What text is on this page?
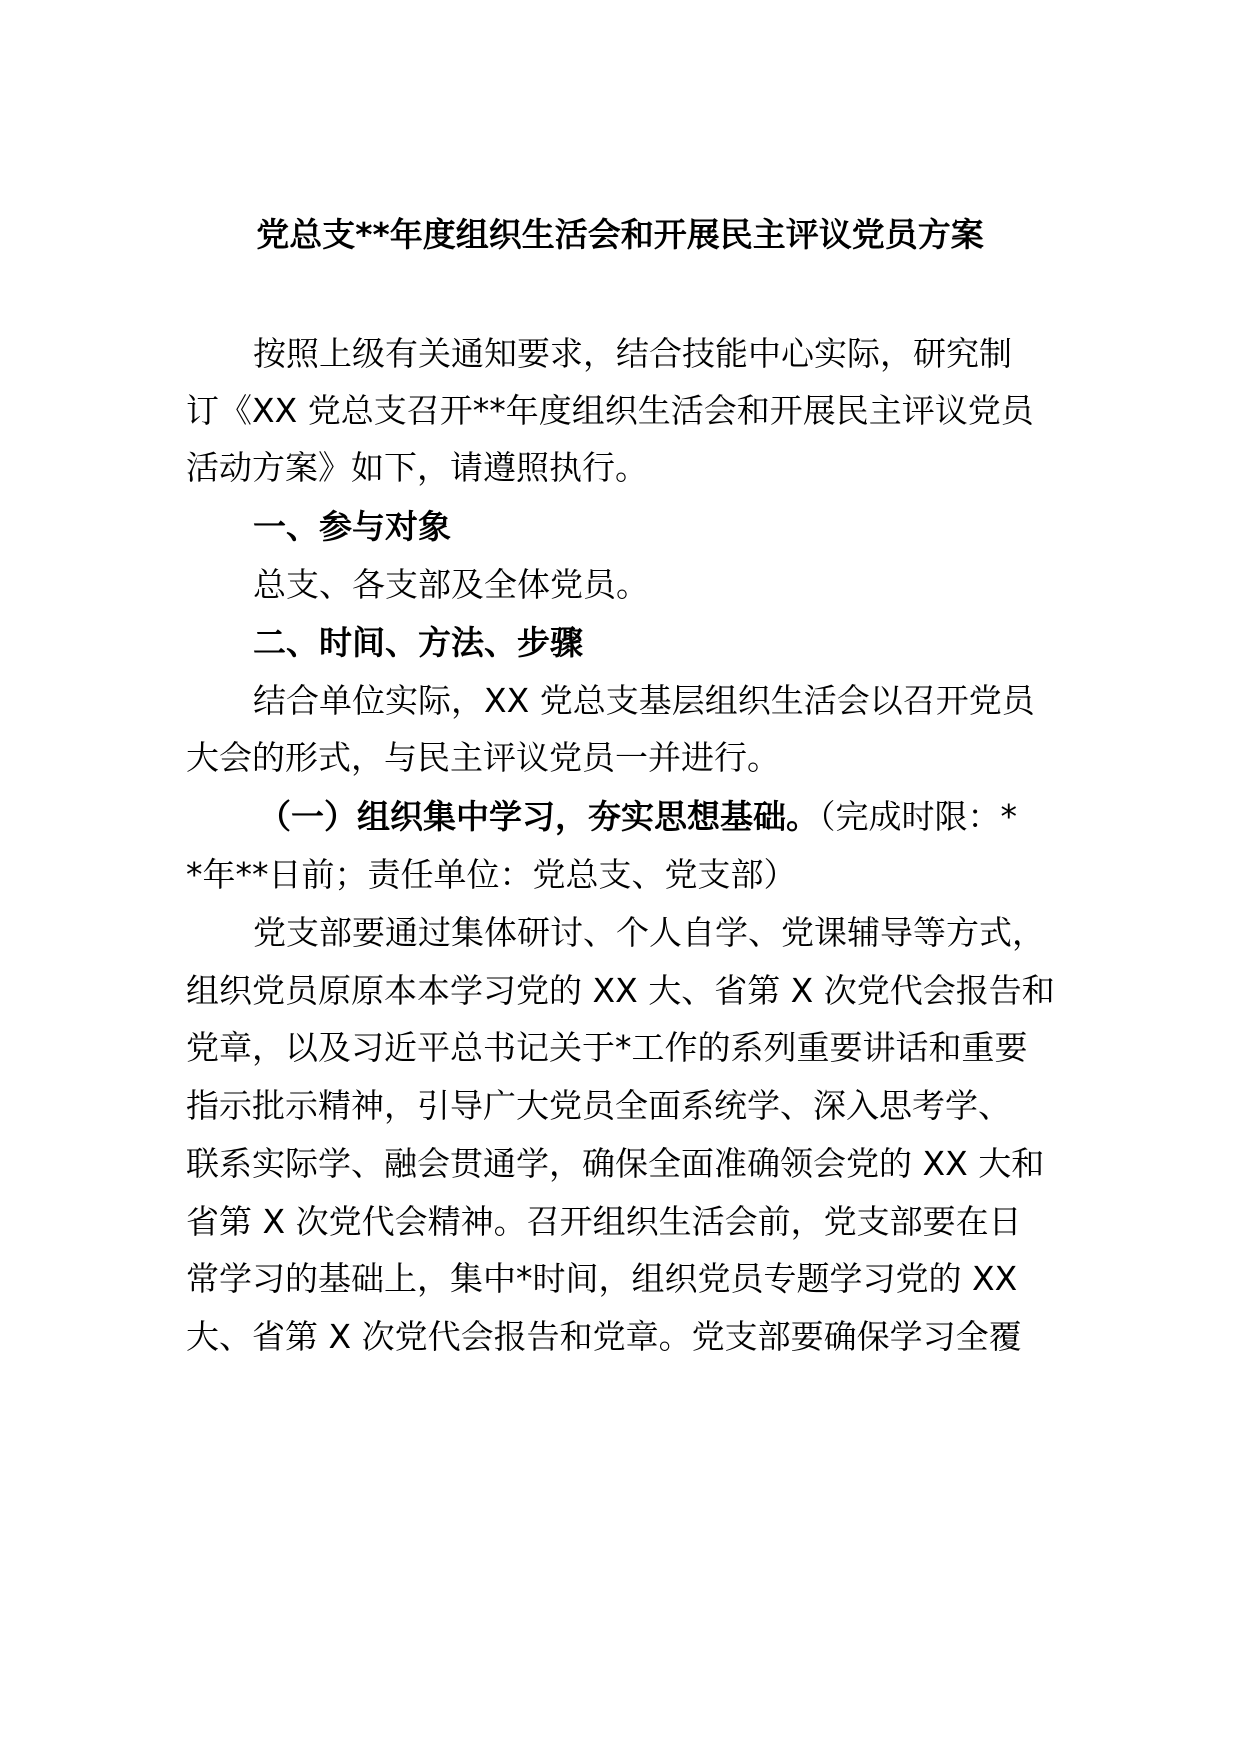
党总支**年度组织生活会和开展民主评议党员方案
按照上级有关通知要求，结合技能中心实际，研究制
订《XX 党总支召开**年度组织生活会和开展民主评议党员
活动方案》如下，请遵照执行。
一、参与对象
总支、各支部及全体党员。
二、时间、方法、步骤
结合单位实际，XX 党总支基层组织生活会以召开党员
大会的形式，与民主评议党员一并进行。
（一）组织集中学习，夯实思想基础。（完成时限：*
*年**日前；责任单位：党总支、党支部）
党支部要通过集体研讨、个人自学、党课辅导等方式，
组织党员原原本本学习党的 XX 大、省第 X 次党代会报告和
党章，以及习近平总书记关于*工作的系列重要讲话和重要
指示批示精神，引导广大党员全面系统学、深入思考学、
联系实际学、融会贯通学，确保全面准确领会党的 XX 大和
省第 X 次党代会精神。召开组织生活会前，党支部要在日
常学习的基础上，集中*时间，组织党员专题学习党的 XX
大、省第 X 次党代会报告和党章。党支部要确保学习全覆
